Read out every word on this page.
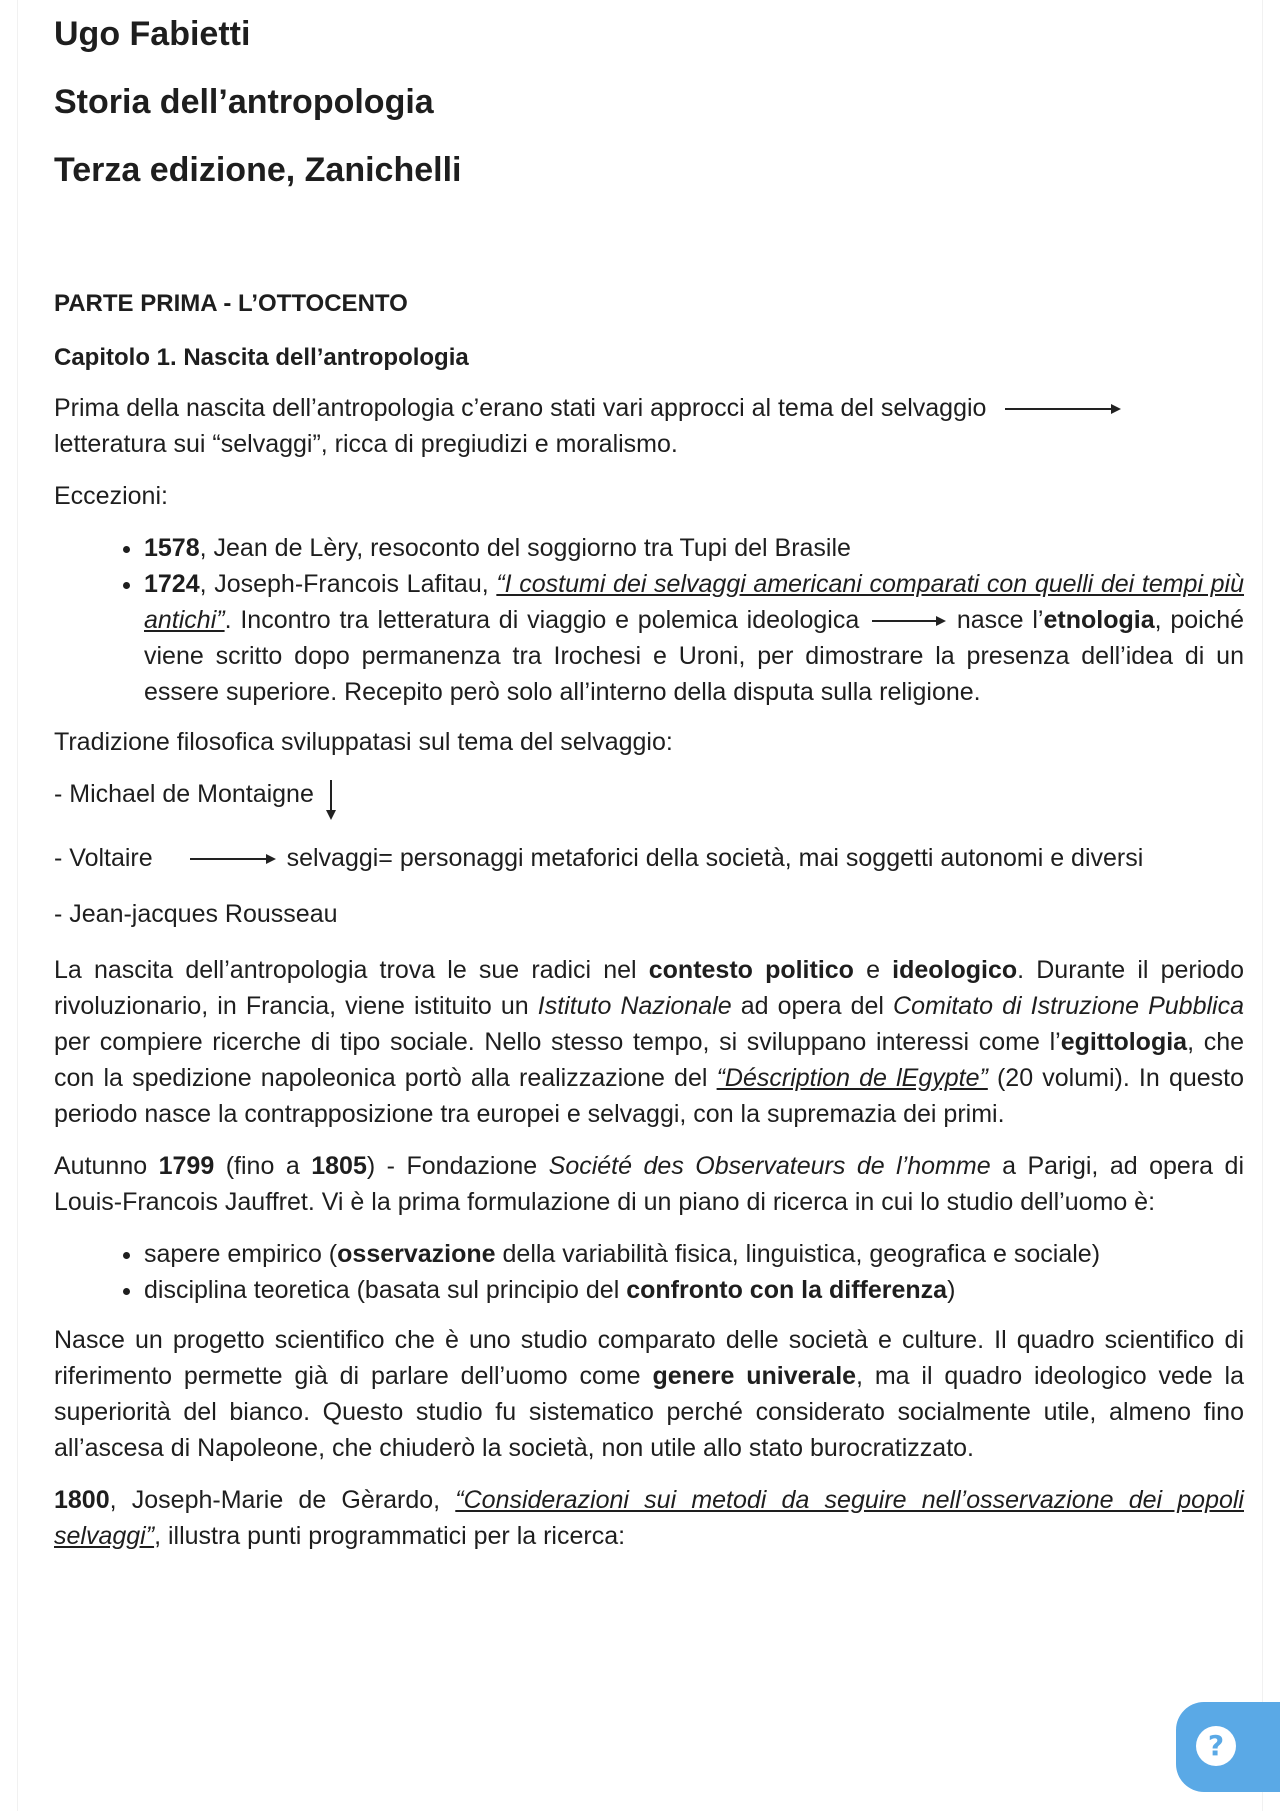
Ugo Fabietti
Storia dell’antropologia
Terza edizione, Zanichelli
PARTE PRIMA - L’OTTOCENTO
Capitolo 1. Nascita dell’antropologia

Prima della nascita dell’antropologia c’erano stati vari approcci al tema del selvaggio
letteratura sui “selvaggi”, ricca di pregiudizi e moralismo.

Eccezioni:

• 1578, Jean de Lèry, resoconto del soggiorno tra Tupi del Brasile
• 1724, Joseph-Francois Lafitau, “I costumi dei selvaggi americani comparati con quelli dei tempi più antichi”. Incontro tra letteratura di viaggio e polemica ideologica	nasce l’etnologia, poiché viene scritto dopo permanenza tra Irochesi e Uroni, per dimostrare la presenza dell’idea di un essere superiore. Recepito però solo all’interno della disputa sulla religione.

Tradizione filosofica sviluppatasi sul tema del selvaggio:

- Michael de Montaigne
- Voltaire	selvaggi= personaggi metaforici della società, mai soggetti autonomi e diversi
- Jean-jacques Rousseau

La nascita dell’antropologia trova le sue radici nel contesto politico e ideologico. Durante il periodo rivoluzionario, in Francia, viene istituito un Istituto Nazionale ad opera del Comitato di Istruzione Pubblica per compiere ricerche di tipo sociale. Nello stesso tempo, si sviluppano interessi come l’egittologia, che con la spedizione napoleonica portò alla realizzazione del “Déscription de lEgypte” (20 volumi). In questo periodo nasce la contrapposizione tra europei e selvaggi, con la supremazia dei primi.

Autunno 1799 (fino a 1805) - Fondazione Société des Observateurs de l’homme a Parigi, ad opera di Louis-Francois Jauffret. Vi è la prima formulazione di un piano di ricerca in cui lo studio dell’uomo è:

• sapere empirico (osservazione della variabilità fisica, linguistica, geografica e sociale)
• disciplina teoretica (basata sul principio del confronto con la differenza)

Nasce un progetto scientifico che è uno studio comparato delle società e culture. Il quadro scientifico di riferimento permette già di parlare dell’uomo come genere univerale, ma il quadro ideologico vede la superiorità del bianco. Questo studio fu sistematico perché considerato socialmente utile, almeno fino all’ascesa di Napoleone, che chiuderò la società, non utile allo stato burocratizzato.

1800, Joseph-Marie de Gèrardo, “Considerazioni sui metodi da seguire nell’osservazione dei popoli selvaggi”, illustra punti programmatici per la ricerca:

?
